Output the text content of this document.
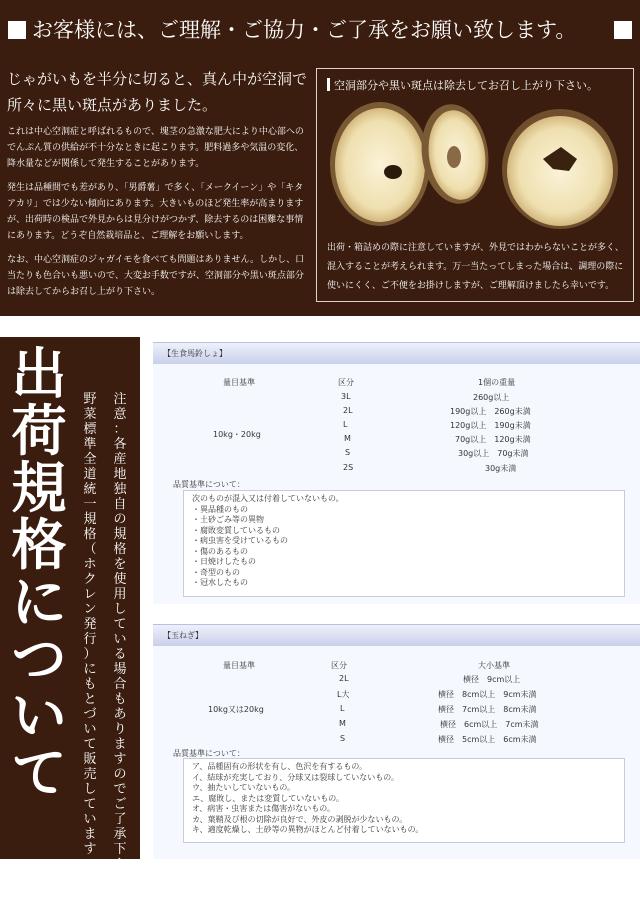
お客様には、ご理解・ご協力・ご了承をお願い致します。
じゃがいもを半分に切ると、真ん中が空洞で所々に黒い斑点がありました。
これは中心空洞症と呼ばれるもので、塊茎の急激な肥大により中心部へのでんぷん質の供給が不十分なときに起こります。肥料過多や気温の変化、降水量などが関係して発生することがあります。
発生は品種間でも差があり、「男爵薯」で多く、「メークイーン」や「キタアカリ」では少ない傾向にあります。大きいものほど発生率が高まりますが、出荷時の検品で外見からは見分けがつかず、除去するのは困難な事情にあります。どうぞ自然栽培品と、ご理解をお願いします。
なお、中心空洞症のジャガイモを食べても問題はありません。しかし、口当たりも色合いも悪いので、大変お手数ですが、空洞部分や黒い斑点部分は除去してからお召し上がり下さい。
空洞部分や黒い斑点は除去してお召し上がり下さい。
出荷・箱詰めの際に注意していますが、外見ではわからないことが多く、混入することが考えられます。万一当たってしまった場合は、調理の際に使いにくく、ご不便をお掛けしますが、ご理解頂けましたら幸いです。
出荷規格について
注
意
：
各
産
地
独
自
の
規
格
を
使
用
し
て
い
る
場
合
も
あ
り
ま
す
の
で
ご
了
承
下
さ
い
。
野
菜
標
準
全
道
統
一
規
格
（
ホ
ク
レ
ン
発
行
）
に
も
と
づ
い
て
販
売
し
て
い
ま
す
。
【生食馬鈴しょ】
量目基準	区分	1個の重量
10kg・20kg
3L	260g以上
2L	190g以上　260g未満
L	120g以上　190g未満
M	70g以上　120g未満
S	30g以上　70g未満
2S	30g未満
品質基準について：
次のものが混入又は付着していないもの。
・異品種のもの
・土砂ごみ等の異物
・腐敗変質しているもの
・病虫害を受けているもの
・傷のあるもの
・日焼けしたもの
・奇型のもの
・冠水したもの
【玉ねぎ】
量目基準	区分	大小基準
10kg又は20kg
2L	横径　9cm以上
L大	横径　8cm以上　9cm未満
L	横径　7cm以上　8cm未満
M	横径　6cm以上　7cm未満
S	横径　5cm以上　6cm未満
品質基準について：
ア、品種固有の形状を有し、色沢を有するもの。
イ、結球が充実しており、分球又は裂球していないもの。
ウ、抽たいしていないもの。
エ、腐敗し、または変質していないもの。
オ、病害・虫害または傷害がないもの。
カ、葉鞘及び根の切除が良好で、外皮の剥脱が少ないもの。
キ、適度乾燥し、土砂等の異物がほとんど付着していないもの。
